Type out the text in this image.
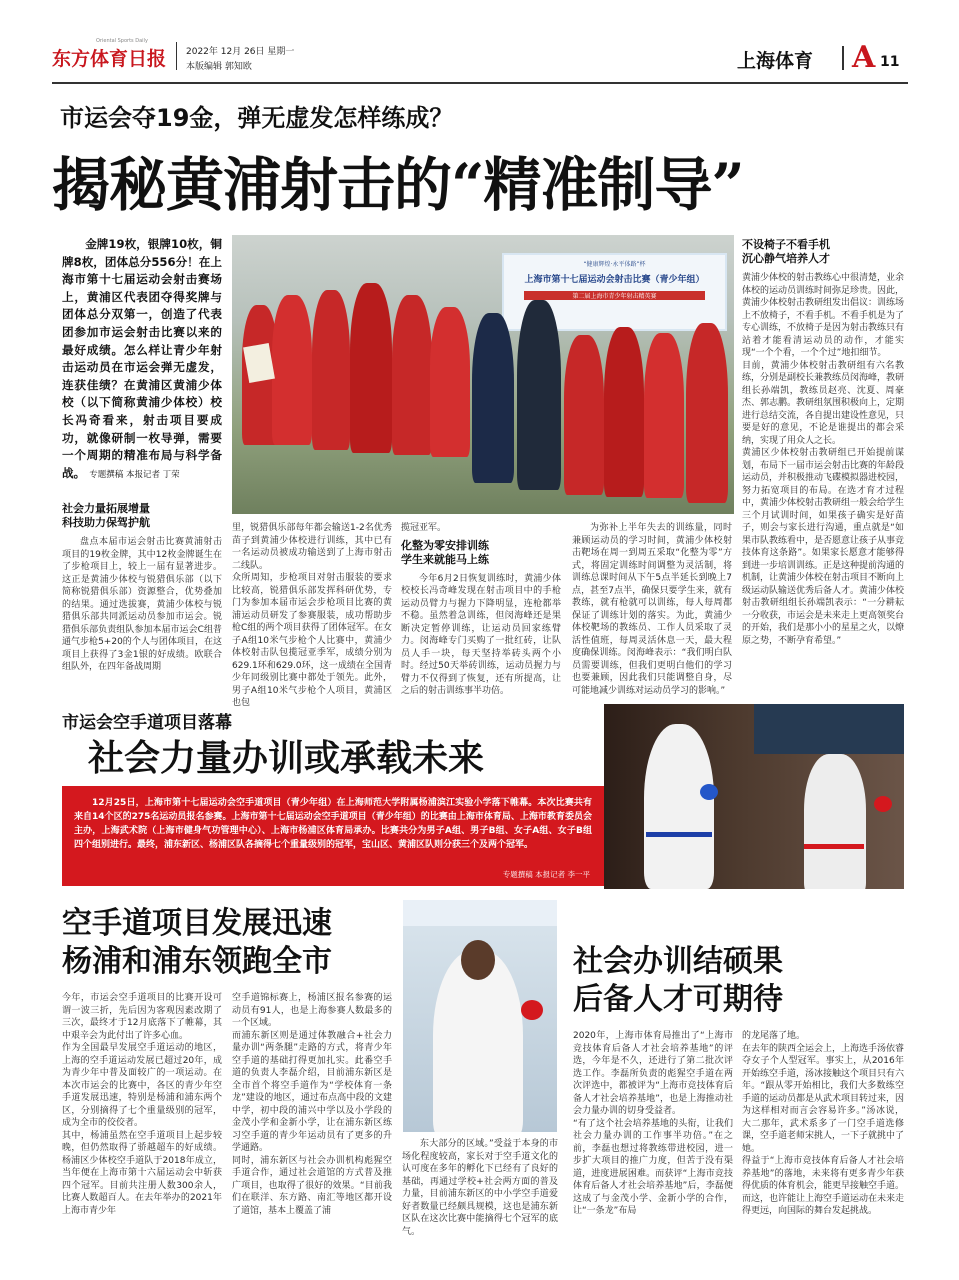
东方体育日报
Oriental Sports Daily
2022年 12月 26日 星期一
本版编辑 郭知欧	上海体育 A 11
市运会夺19金，弹无虚发怎样练成？
揭秘黄浦射击的“精准制导”
金牌19枚，银牌10枚，铜牌8枚，团体总分556分！在上海市第十七届运动会射击赛场上，黄浦区代表团夺得奖牌与团体总分双第一，创造了代表团参加市运会射击比赛以来的最好成绩。怎么样让青少年射击运动员在市运会弹无虚发，连获佳绩？在黄浦区黄浦少体校（以下简称黄浦少体校）校长冯奇看来，射击项目要成功，就像研制一枚导弹，需要一个周期的精准布局与科学备战。 专题撰稿 本报记者 丁荣
“健康辉煌·永平体路”杯
上海市第十七届运动会射击比赛（青少年组）
第二届上海市青少年射击精英赛
社会力量拓展增量
科技助力保驾护航
盘点本届市运会射击比赛黄浦射击项目的19枚金牌，其中12枚金牌诞生在了步枪项目上，较上一届有显著进步。这正是黄浦少体校与锐猎俱乐部（以下简称锐猎俱乐部）资源整合，优势叠加的结果。通过选拔赛，黄浦少体校与锐猎俱乐部共同派运动员参加市运会。锐猎俱乐部负责组队参加本届市运会C组普通气步枪5+20的个人与团体项目，在这项目上获得了3金1银的好成绩。欧联合组队外，在四年备战周期
里，锐猎俱乐部每年都会输送1-2名优秀苗子到黄浦少体校进行训练，其中已有一名运动员被成功输送到了上海市射击二线队。
众所周知，步枪项目对射击服装的要求比较高，锐猎俱乐部发挥科研优势，专门为参加本届市运会步枪项目比赛的黄浦运动员研发了参赛服装，成功帮助步枪C组的两个项目获得了团体冠军。在女子A组10米气步枪个人比赛中，黄浦少体校射击队包揽冠亚季军，成绩分别为629.1环和629.0环，这一成绩在全国青少年同级别比赛中都处于领先。此外，男子A组10米气步枪个人项目，黄浦区也包
揽冠亚军。
化整为零安排训练
学生来就能马上练
今年6月2日恢复训练时，黄浦少体校校长冯奇峰发现在射击项目中的手枪运动员臂力与握力下降明显，连枪都举不稳。虽然着急训练，但闵海峰还是果断决定暂停训练，让运动员回家练臂力。闵海峰专门买购了一批红砖，让队员人手一块，每天坚持举砖头两个小时。经过50天举砖训练，运动员握力与臂力不仅得到了恢复，还有所提高，让之后的射击训练事半功倍。
为弥补上半年失去的训练量，同时兼顾运动员的学习时间，黄浦少体校射击靶场在周一到周五采取“化整为零”方式，将固定训练时间调整为灵活制，将训练总课时间从下午5点半延长到晚上7点，甚至7点半，确保只要学生来，就有教练，就有枪就可以训练，每人每周都保证了训练计划的落实。为此，黄浦少体校靶场的教练员、工作人员采取了灵活性值班，每周灵活休息一天，最大程度确保训练。闵海峰表示：“我们明白队员需要训练，但我们更明白他们的学习也要兼顾，因此我们只能调整自身，尽可能地减少训练对运动员学习的影响。”
不设椅子不看手机
沉心静气培养人才
黄浦少体校的射击教练心中很清楚，业余体校的运动员训练时间弥足珍贵。因此，黄浦少体校射击教研组发出倡议：训练场上不放椅子，不看手机。不看手机是为了专心训练，不放椅子是因为射击教练只有站着才能看清运动员的动作，才能实现“一个个看，一个个过”地扣细节。
目前，黄浦少体校射击教研组有六名教练，分别是副校长兼教练员闵海峰，教研组长孙端凯，教练员赵亮、沈夏、周豪杰、郭志鹏。教研组氛围积极向上，定期进行总结交流，各自提出建设性意见，只要是好的意见，不论是谁提出的都会采纳，实现了用众人之长。
黄浦区少体校射击教研组已开始提前谋划，布局下一届市运会射击比赛的年龄段运动员，并积极推动飞碟模拟器进校园，努力拓宽项目的布局。在选才育才过程中，黄浦少体校射击教研组一般会给学生三个月试训时间，如果孩子确实是好苗子，则会与家长进行沟通，重点就是“如果市队教练看中，是否愿意让孩子从事竞技体育这条路”。如果家长愿意才能够得到进一步培训训练。正是这种提前沟通的机制，让黄浦少体校在射击项目不断向上级运动队输送优秀后备人才。黄浦少体校射击教研组组长孙端凯表示：“一分耕耘一分收获，市运会是未来走上更高领奖台的开始，我们是那小小的星星之火，以燎原之势，不断孕育希望。”
市运会空手道项目落幕
社会力量办训或承载未来
12月25日，上海市第十七届运动会空手道项目（青少年组）在上海师范大学附属杨浦滨江实验小学落下帷幕。本次比赛共有来自14个区的275名运动员报名参赛。上海市第十七届运动会空手道项目（青少年组）的比赛由上海市体育局、上海市教育委员会主办，上海武术院（上海市健身气功管理中心）、上海市杨浦区体育局承办。比赛共分为男子A组、男子B组、女子A组、女子B组四个组别进行。最终，浦东新区、杨浦区队各摘得七个重量级别的冠军，宝山区、黄浦区队则分获三个及两个冠军。
专题撰稿 本报记者 李一平
空手道项目发展迅速
杨浦和浦东领跑全市	社会办训结硕果
后备人才可期待
今年，市运会空手道项目的比赛开设可谓一波三折，先后因为客观因素改期了三次，最终才于12月底落下了帷幕，其中艰辛会为此付出了许多心血。
作为全国最早发展空手道运动的地区，上海的空手道运动发展已超过20年，成为青少年中普及面较广的一项运动。在本次市运会的比赛中，各区的青少年空手道发展迅速，特别是杨浦和浦东两个区，分别摘得了七个重量级别的冠军，成为全市的佼佼者。
其中，杨浦虽然在空手道项目上起步较晚，但仍然取得了骄越超车的好成绩。杨浦区少体校空手道队于2018年成立，当年便在上海市第十六届运动会中斩获四个冠军。目前共注册人数300余人，比赛人数超百人。在去年举办的2021年上海市青少年
空手道锦标赛上，杨浦区报名参赛的运动员有91人，也是上海参赛人数最多的一个区域。
而浦东新区则是通过体教融合+社会力量办训“两条腿”走路的方式，将青少年空手道的基础打得更加扎实。此番空手道的负责人李磊介绍，目前浦东新区是全市首个将空手道作为“学校体育一条龙”建设的地区，通过布点高中段的文建中学，初中段的浦兴中学以及小学段的金茂小学和金新小学，让在浦东新区练习空手道的青少年运动员有了更多的升学通路。
同时，浦东新区与社会办训机构彪猩空手道合作，通过社会道馆的方式普及推广项目，也取得了很好的效果。“目前我们在联洋、东方路、南汇等地区都开设了道馆，基本上覆盖了浦
东大部分的区域。”受益于本身的市场化程度较高，家长对于空手道文化的认可度在多年的孵化下已经有了良好的基础，再通过学校+社会两方面的普及力量，目前浦东新区的中小学空手道爱好者数量已经颇具规模，这也是浦东新区队在这次比赛中能摘得七个冠军的底气。
2020年，上海市体育局推出了“上海市竞技体育后备人才社会培养基地”的评选，今年是不久，还进行了第二批次评选工作。李磊所负责的彪猩空手道在两次评选中，都被评为“上海市竞技体育后备人才社会培养基地”，也是上海推动社会力量办训的切身受益者。
“有了这个社会培养基地的头衔，让我们社会力量办训的工作事半功倍。”在之前，李磊也想过将教练带进校园，进一步扩大项目的推广力度，但苦于没有渠道，进度进展困难。而获评“上海市竞技体育后备人才社会培养基地”后，李磊便这成了与金茂小学、金新小学的合作，让“一条龙”布局
的龙尾落了地。
在去年的陕西全运会上，上海选手汤依睿夺女子个人型冠军。事实上，从2016年开始练空手道，汤冰接触这个项目只有六年。“跟从零开始相比，我们大多数练空手道的运动员都是从武术项目转过来，因为这样相对而言会容易许多。”汤冰说，大二那年，武术系多了一门空手道选修课，空手道老师宋挑人，一下子就挑中了她。
得益于“上海市竞技体育后备人才社会培养基地”的落地，未来将有更多青少年获得优质的体育机会，能更早接触空手道。而这，也许能让上海空手道运动在未来走得更远，向国际的舞台发起挑战。
